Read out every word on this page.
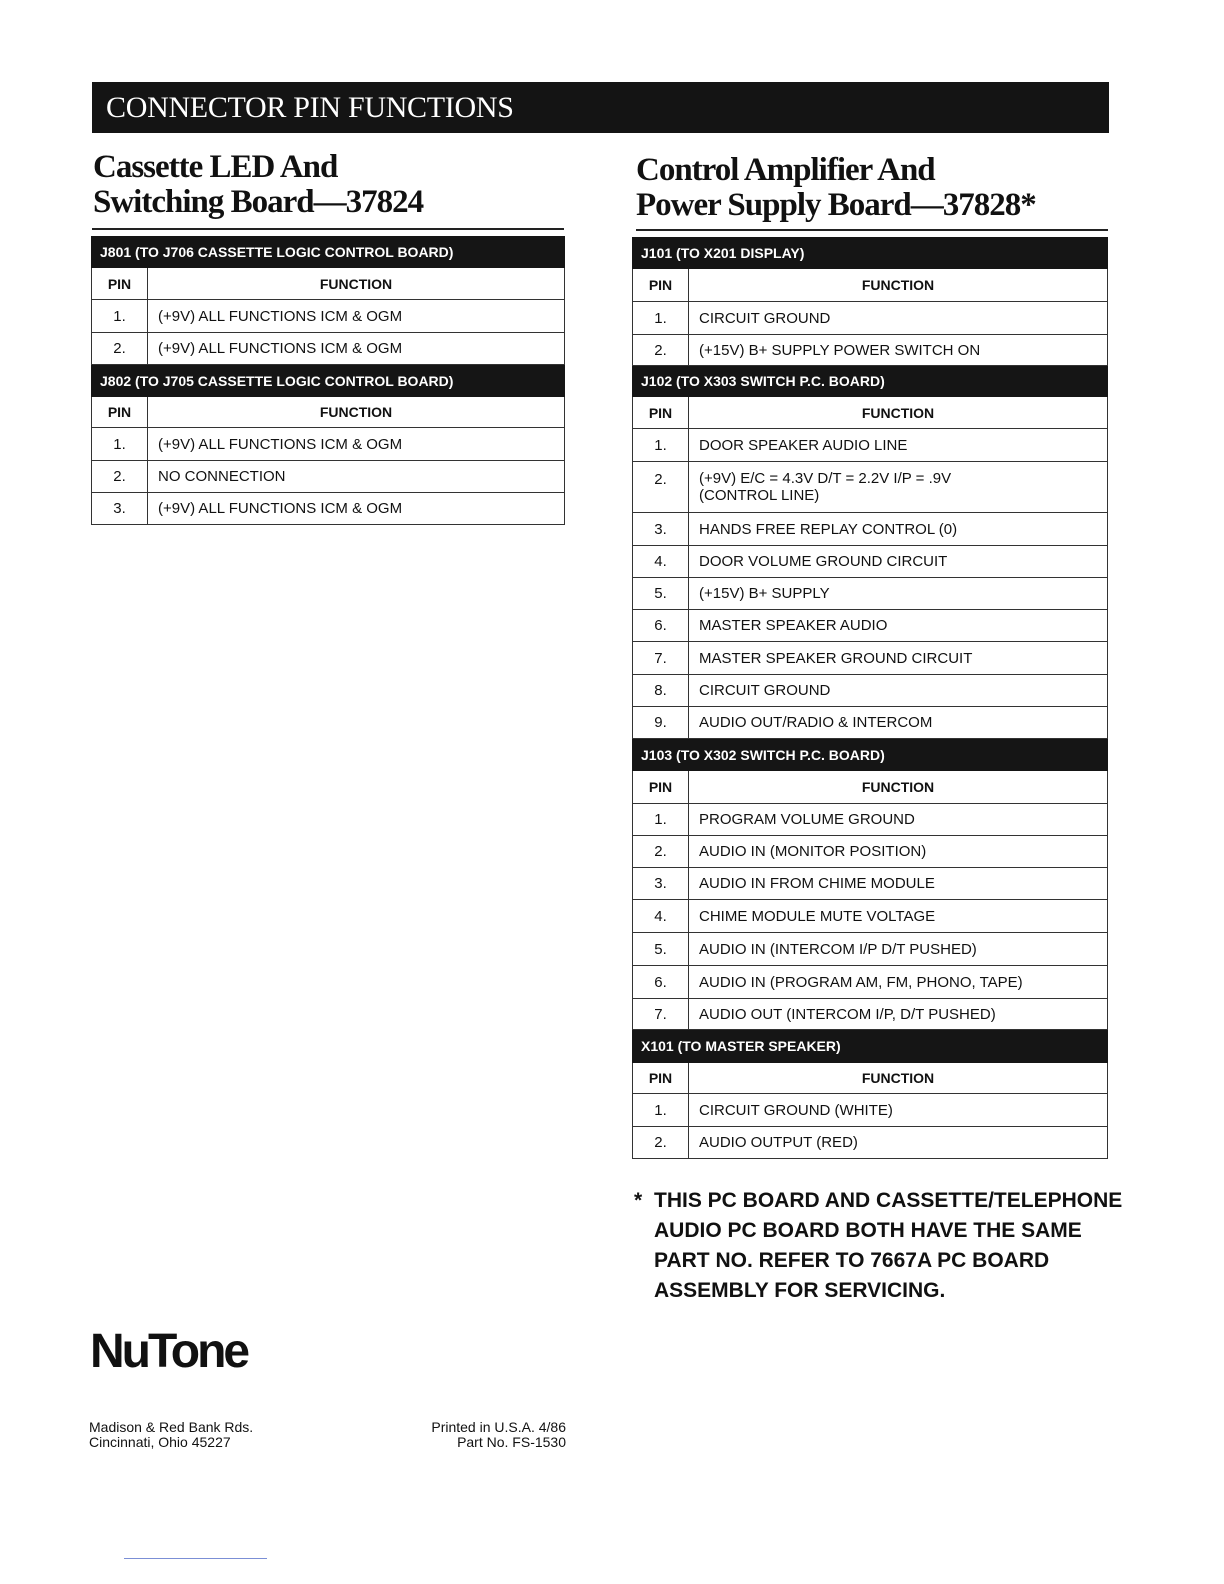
CONNECTOR PIN FUNCTIONS
Cassette LED And
Switching Board—37824
J801 (TO J706 CASSETTE LOGIC CONTROL BOARD)	
PIN	FUNCTION
1.	(+9V) ALL FUNCTIONS ICM & OGM
2.	(+9V) ALL FUNCTIONS ICM & OGM
J802 (TO J705 CASSETTE LOGIC CONTROL BOARD)	
PIN	FUNCTION
1.	(+9V) ALL FUNCTIONS ICM & OGM
2.	NO CONNECTION
3.	(+9V) ALL FUNCTIONS ICM & OGM
Control Amplifier And
Power Supply Board—37828*
J101 (TO X201 DISPLAY)	
PIN	FUNCTION
1.	CIRCUIT GROUND
2.	(+15V) B+ SUPPLY POWER SWITCH ON
J102 (TO X303 SWITCH P.C. BOARD)	
PIN	FUNCTION
1.	DOOR SPEAKER AUDIO LINE
2.	(+9V) E/C = 4.3V D/T = 2.2V I/P = .9V
(CONTROL LINE)

3.	HANDS FREE REPLAY CONTROL (0)
4.	DOOR VOLUME GROUND CIRCUIT
5.	(+15V) B+ SUPPLY
6.	MASTER SPEAKER AUDIO
7.	MASTER SPEAKER GROUND CIRCUIT
8.	CIRCUIT GROUND
9.	AUDIO OUT/RADIO & INTERCOM
J103 (TO X302 SWITCH P.C. BOARD)	
PIN	FUNCTION
1.	PROGRAM VOLUME GROUND
2.	AUDIO IN (MONITOR POSITION)
3.	AUDIO IN FROM CHIME MODULE
4.	CHIME MODULE MUTE VOLTAGE
5.	AUDIO IN (INTERCOM I/P D/T PUSHED)
6.	AUDIO IN (PROGRAM AM, FM, PHONO, TAPE)
7.	AUDIO OUT (INTERCOM I/P, D/T PUSHED)
X101 (TO MASTER SPEAKER)	
PIN	FUNCTION
1.	CIRCUIT GROUND (WHITE)
2.	AUDIO OUTPUT (RED)
* THIS PC BOARD AND CASSETTE/TELEPHONE
AUDIO PC BOARD BOTH HAVE THE SAME
PART NO. REFER TO 7667A PC BOARD
ASSEMBLY FOR SERVICING.
NuTone
Madison & Red Bank Rds.
Cincinnati, Ohio 45227
Printed in U.S.A. 4/86
Part No. FS-1530
